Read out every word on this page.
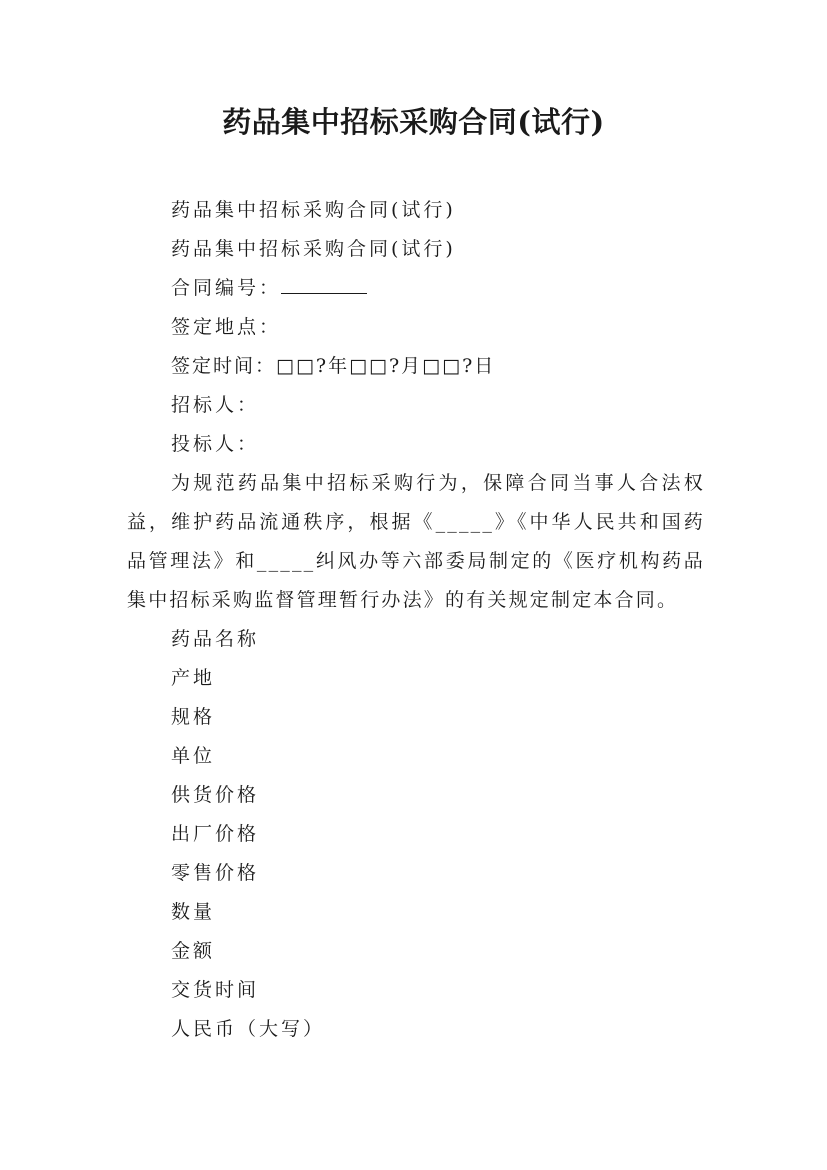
药品集中招标采购合同(试行)
药品集中招标采购合同(试行)
药品集中招标采购合同(试行)
合同编号：
签定地点：
签定时间：□□?年□□?月□□?日
招标人：
投标人：

为规范药品集中招标采购行为，保障合同当事人合法权益，维护药品流通秩序，根据《_____》《中华人民共和国药品管理法》和_____纠风办等六部委局制定的《医疗机构药品集中招标采购监督管理暂行办法》的有关规定制定本合同。

药品名称
产地
规格
单位
供货价格
出厂价格
零售价格
数量
金额
交货时间
人民币（大写）
